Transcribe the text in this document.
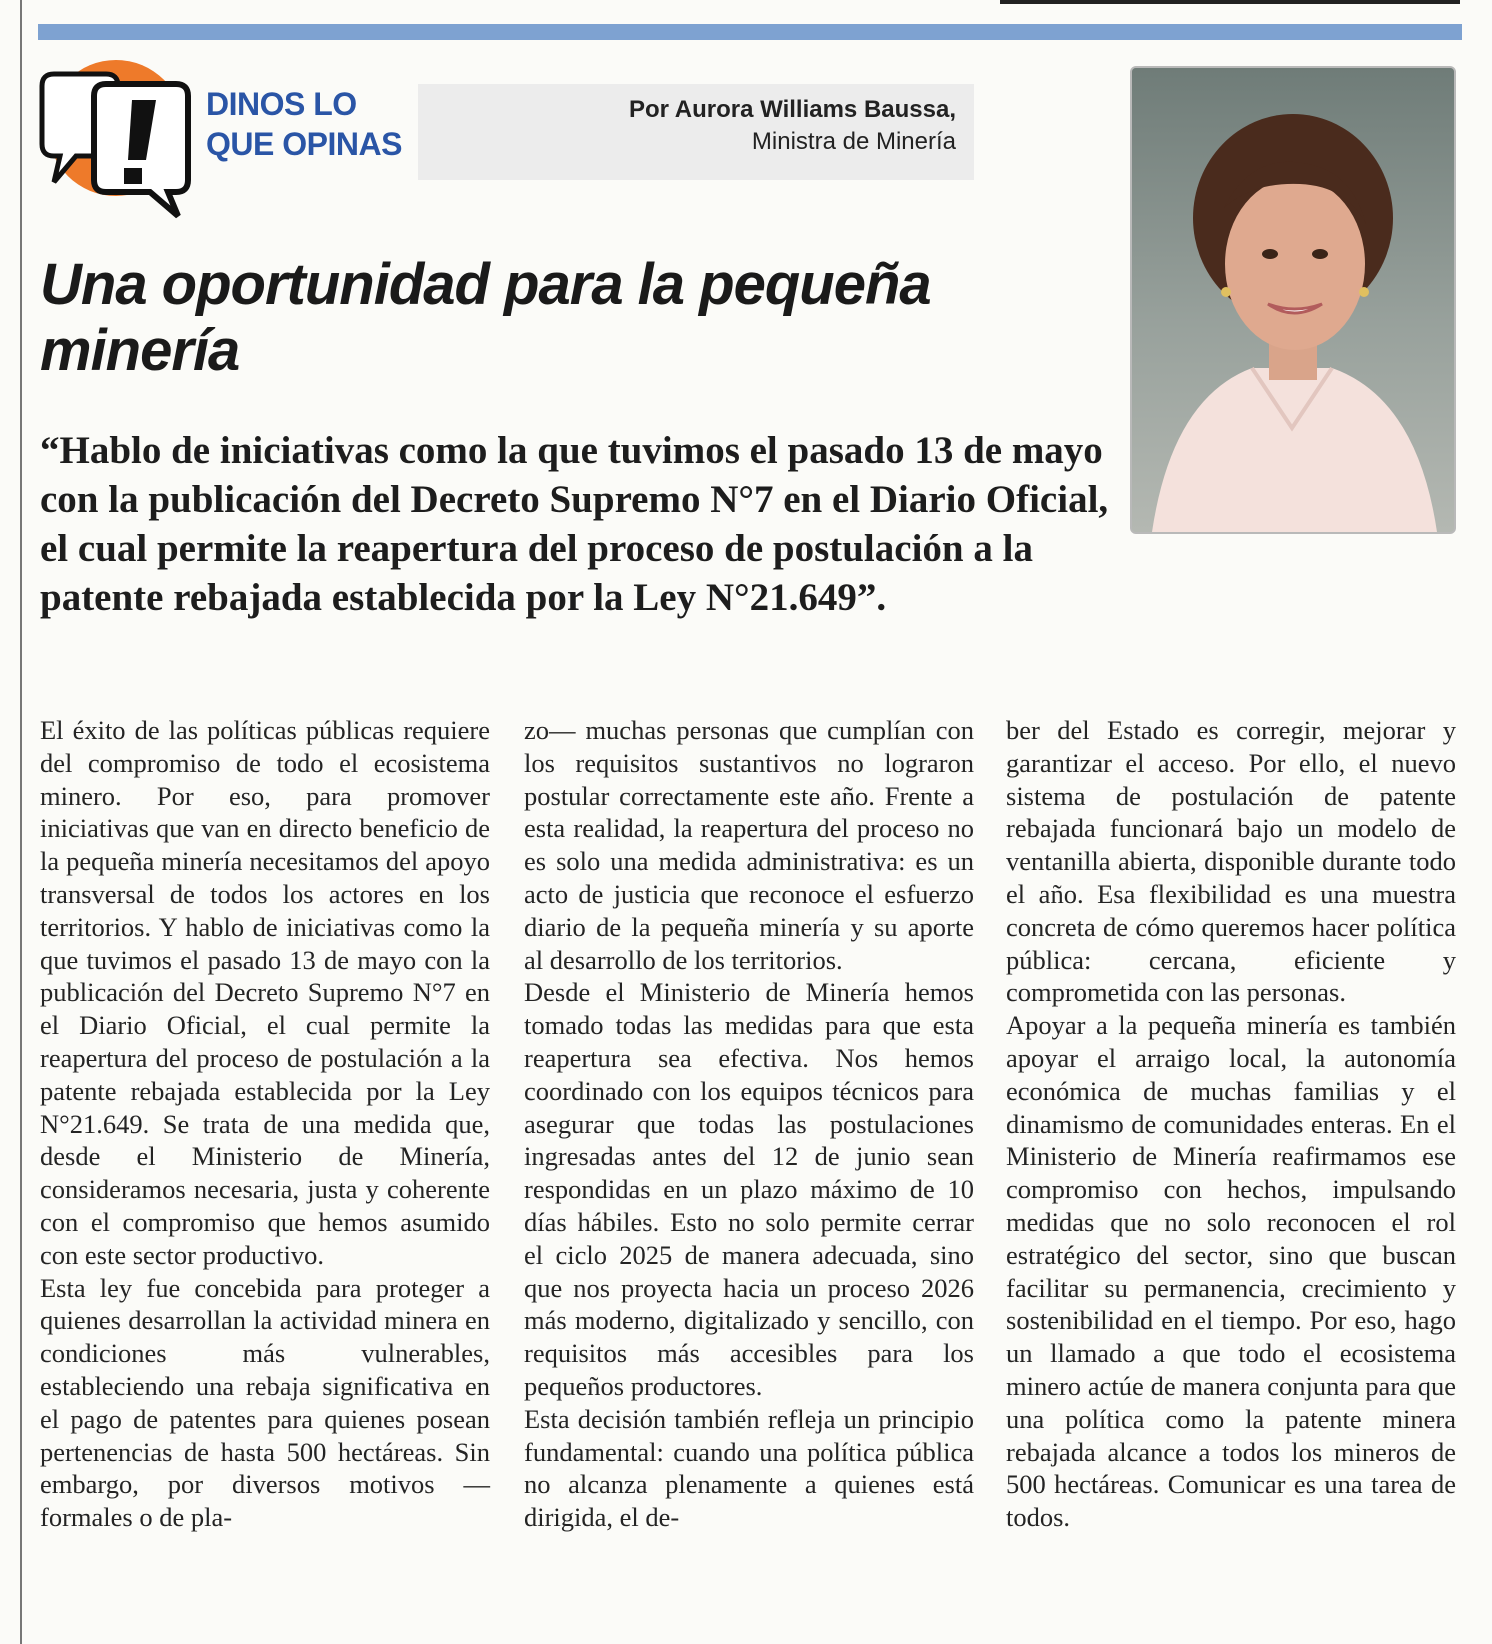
DINOS LO
QUE OPINAS
Por Aurora Williams Baussa,
Ministra de Minería
Una oportunidad para la pequeña minería

“Hablo de iniciativas como la que tuvimos el pasado 13 de mayo con la publicación del Decreto Supremo N°7 en el Diario Oficial, el cual permite la reapertura del proceso de postulación a la patente rebajada establecida por la Ley N°21.649”.

El éxito de las políticas públicas requiere del compromiso de todo el ecosistema minero. Por eso, para promover iniciativas que van en directo beneficio de la pequeña minería necesitamos del apoyo transversal de todos los actores en los territorios. Y hablo de iniciativas como la que tuvimos el pasado 13 de mayo con la publicación del Decreto Supremo N°7 en el Diario Oficial, el cual permite la reapertura del proceso de postulación a la patente rebajada establecida por la Ley N°21.649. Se trata de una medida que, desde el Ministerio de Minería, consideramos necesaria, justa y coherente con el compromiso que hemos asumido con este sector productivo.

Esta ley fue concebida para proteger a quienes desarrollan la actividad minera en condiciones más vulnerables, estableciendo una rebaja significativa en el pago de patentes para quienes posean pertenencias de hasta 500 hectáreas. Sin embargo, por diversos motivos —formales o de pla-

zo— muchas personas que cumplían con los requisitos sustantivos no lograron postular correctamente este año. Frente a esta realidad, la reapertura del proceso no es solo una medida administrativa: es un acto de justicia que reconoce el esfuerzo diario de la pequeña minería y su aporte al desarrollo de los territorios.

Desde el Ministerio de Minería hemos tomado todas las medidas para que esta reapertura sea efectiva. Nos hemos coordinado con los equipos técnicos para asegurar que todas las postulaciones ingresadas antes del 12 de junio sean respondidas en un plazo máximo de 10 días hábiles. Esto no solo permite cerrar el ciclo 2025 de manera adecuada, sino que nos proyecta hacia un proceso 2026 más moderno, digitalizado y sencillo, con requisitos más accesibles para los pequeños productores.

Esta decisión también refleja un principio fundamental: cuando una política pública no alcanza plenamente a quienes está dirigida, el de-

ber del Estado es corregir, mejorar y garantizar el acceso. Por ello, el nuevo sistema de postulación de patente rebajada funcionará bajo un modelo de ventanilla abierta, disponible durante todo el año. Esa flexibilidad es una muestra concreta de cómo queremos hacer política pública: cercana, eficiente y comprometida con las personas.

Apoyar a la pequeña minería es también apoyar el arraigo local, la autonomía económica de muchas familias y el dinamismo de comunidades enteras. En el Ministerio de Minería reafirmamos ese compromiso con hechos, impulsando medidas que no solo reconocen el rol estratégico del sector, sino que buscan facilitar su permanencia, crecimiento y sostenibilidad en el tiempo. Por eso, hago un llamado a que todo el ecosistema minero actúe de manera conjunta para que una política como la patente minera rebajada alcance a todos los mineros de 500 hectáreas. Comunicar es una tarea de todos.
